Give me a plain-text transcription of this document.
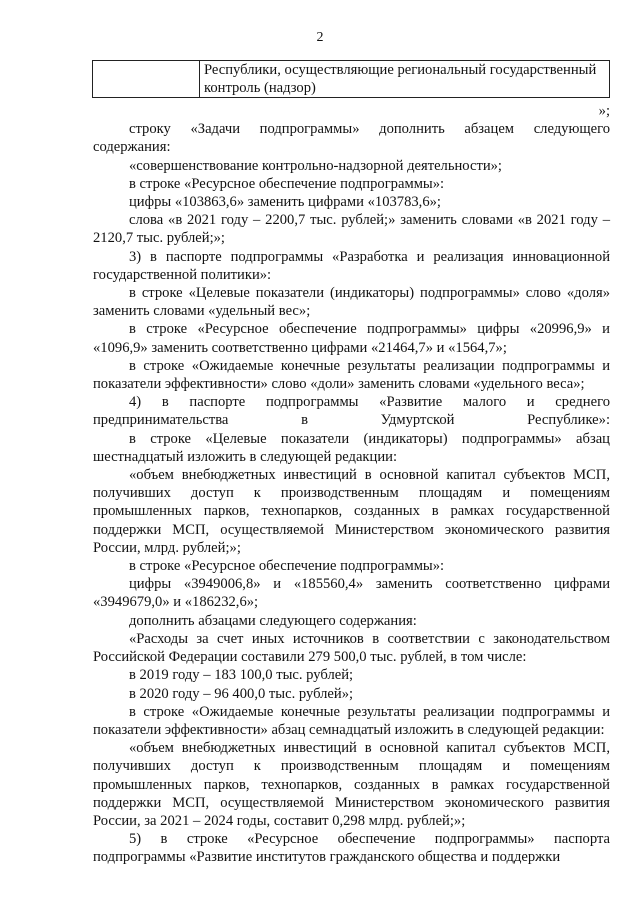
2
	Республики, осуществляющие региональный государственный контроль (надзор)

»;

строку «Задачи подпрограммы» дополнить абзацем следующего содержания:

«совершенствование контрольно-надзорной деятельности»;

в строке «Ресурсное обеспечение подпрограммы»:

цифры «103863,6» заменить цифрами «103783,6»;

слова «в 2021 году – 2200,7 тыс. рублей;» заменить словами «в 2021 году – 2120,7 тыс. рублей;»;

3) в паспорте подпрограммы «Разработка и реализация инновационной государственной политики»:

в строке «Целевые показатели (индикаторы) подпрограммы» слово «доля» заменить словами «удельный вес»;

в строке «Ресурсное обеспечение подпрограммы» цифры «20996,9» и «1096,9» заменить соответственно цифрами «21464,7» и «1564,7»;

в строке «Ожидаемые конечные результаты реализации подпрограммы и показатели эффективности» слово «доли» заменить словами «удельного веса»;

4) в паспорте подпрограммы «Развитие малого и среднего предпринимательства в Удмуртской Республике»:

в строке «Целевые показатели (индикаторы) подпрограммы» абзац шестнадцатый изложить в следующей редакции:

«объем внебюджетных инвестиций в основной капитал субъектов МСП, получивших доступ к производственным площадям и помещениям промышленных парков, технопарков, созданных в рамках государственной поддержки МСП, осуществляемой Министерством экономического развития России, млрд. рублей;»;

в строке «Ресурсное обеспечение подпрограммы»:

цифры «3949006,8» и «185560,4» заменить соответственно цифрами «3949679,0» и «186232,6»;

дополнить абзацами следующего содержания:

«Расходы за счет иных источников в соответствии с законодательством Российской Федерации составили 279 500,0 тыс. рублей, в том числе:

в 2019 году – 183 100,0 тыс. рублей;

в 2020 году – 96 400,0 тыс. рублей»;

в строке «Ожидаемые конечные результаты реализации подпрограммы и показатели эффективности» абзац семнадцатый изложить в следующей редакции:

«объем внебюджетных инвестиций в основной капитал субъектов МСП, получивших доступ к производственным площадям и помещениям промышленных парков, технопарков, созданных в рамках государственной поддержки МСП, осуществляемой Министерством экономического развития России, за 2021 – 2024 годы, составит 0,298 млрд. рублей;»;

5) в строке «Ресурсное обеспечение подпрограммы» паспорта подпрограммы «Развитие институтов гражданского общества и поддержки
